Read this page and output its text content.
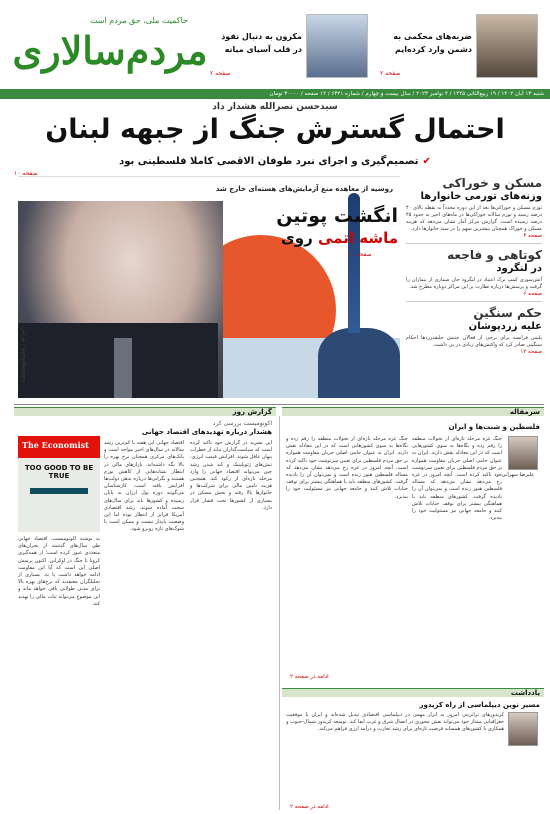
حاکمیت ملی، حق مردم است
مردم‌سالاری مکرون به دنبال نفوذ در قلب آسیای میانه
صفحه ۲
ضربه‌های محکمی به دشمن وارد کرده‌ایم
صفحه ۲
شنبه ۱۳ آبان ۱۴۰۲ / ۱۹ ربیع‌الثانی ۱۴۴۵ / ۴ نوامبر ۲۰۲۳ / سال بیست و چهارم / شماره ۶۳۲۱ / ۱۲ صفحه / ۳۰۰۰۰ تومان
سیدحسن نصرالله هشدار داد
احتمال گسترش جنگ از جبهه لبنان
✔تصمیم‌گیری و اجرای نبرد طوفان الاقصی کاملا فلسطینی بود
صفحه ۱۰
روسیه از معاهده منع آزمایش‌های هسته‌ای خارج شد
انگشت پوتین
ماشه اتمی روی
صفحه ۱۰
Getty/Reuters / طراحی
مسکن و خوراکی
وزنه‌های تورمی خانوارها
تورم مسکن و خوراکی‌ها بعد از این دوره مجدداً به نقطه بالای ۴۰ درصد رسید و تورم سالانه خوراکی‌ها در ماه‌های اخیر به حدود ۴۵ درصد رسیده است. گزارش مرکز آمار نشان می‌دهد که هزینه مسکن و خوراک همچنان بیشترین سهم را در سبد خانوارها دارد.
صفحه ۴
کوتاهی و فاجعه
در لنگرود
آتش‌سوزی کمپ ترک اعتیاد در لنگرود جان شماری از بیماران را گرفت و پرسش‌ها درباره نظارت بر این مراکز دوباره مطرح شد.
صفحه ۶
حکم سنگین
علیه زردپوشان
پلیس فرانسه برای برخی از فعالان جنبش جلیقه‌زردها احکام سنگینی صادر کرد که واکنش‌های زیادی در پی داشت.
صفحه ۱۲
گزارش روز	سرمقاله
اکونومیست بررسی کرد
هشدار درباره تهدیدهای اقتصاد جهانی
The Economist
TOO GOOD TO BE TRUE
اقتصاد جهانی این هفته با کم‌ترین رشد سالانه در سال‌های اخیر مواجه است و بانک‌های مرکزی همچنان نرخ بهره را بالا نگه داشته‌اند. بازارهای مالی در انتظار نشانه‌هایی از کاهش تورم هستند و نگرانی‌ها درباره بدهی دولت‌ها افزایش یافته است. کارشناسان می‌گویند دوره پول ارزان به پایان رسیده و کشورها باید برای سال‌های سخت آماده شوند. رشد اقتصادی آمریکا فراتر از انتظار بوده اما این وضعیت پایدار نیست و ممکن است با شوک‌های تازه روبرو شود.
این نشریه در گزارش خود تاکید کرده است که سیاست‌گذاران نباید از خطرات پنهان غافل شوند. افزایش قیمت انرژی، تنش‌های ژئوپلیتیک و کند شدن رشد چین می‌تواند اقتصاد جهانی را وارد مرحله تازه‌ای از رکود کند. همچنین هزینه تامین مالی برای شرکت‌ها و خانوارها بالا رفته و بخش مسکن در بسیاری از کشورها تحت فشار قرار دارد.
به نوشته اکونومیست، اقتصاد جهانی طی سال‌های گذشته از بحران‌های متعددی عبور کرده است؛ از همه‌گیری کرونا تا جنگ در اوکراین. اکنون پرسش اصلی این است که آیا این مقاومت ادامه خواهد داشت یا نه. بسیاری از تحلیلگران معتقدند که نرخ‌های بهره بالا برای مدتی طولانی باقی خواهد ماند و این موضوع می‌تواند ثبات مالی را تهدید کند.
فلسطین و شنت‌ها و ایران
علیرضا سهرابی
جنگ غزه مرحله تازه‌ای از تحولات منطقه را رقم زده و نگاه‌ها به سوی کشورهایی است که در این معادله نقش دارند. ایران به عنوان حامی اصلی جریان مقاومت همواره بر حق مردم فلسطین برای تعیین سرنوشت خود تاکید کرده است. آنچه امروز در غزه رخ می‌دهد نشان می‌دهد که مساله فلسطین هنوز زنده است و نمی‌توان آن را نادیده گرفت. کشورهای منطقه باید با هماهنگی بیشتر برای توقف جنایات تلاش کنند و جامعه جهانی نیز مسئولیت خود را بپذیرد.
جنگ غزه مرحله تازه‌ای از تحولات منطقه را رقم زده و نگاه‌ها به سوی کشورهایی است که در این معادله نقش دارند. ایران به عنوان حامی اصلی جریان مقاومت همواره بر حق مردم فلسطین برای تعیین سرنوشت خود تاکید کرده است. آنچه امروز در غزه رخ می‌دهد نشان می‌دهد که مساله فلسطین هنوز زنده است و نمی‌توان آن را نادیده گرفت. کشورهای منطقه باید با هماهنگی بیشتر برای توقف جنایات تلاش کنند و جامعه جهانی نیز مسئولیت خود را بپذیرد.
ادامه در صفحه ۲
یادداشت
مسیر نوین دیپلماسی از راه کریدور
کریدورهای ترانزیتی امروز به ابزار مهمی در دیپلماسی اقتصادی تبدیل شده‌اند و ایران با موقعیت جغرافیایی ممتاز خود می‌تواند نقش محوری در اتصال شرق و غرب ایفا کند. توسعه کریدور شمال-جنوب و همکاری با کشورهای همسایه فرصت تازه‌ای برای رشد تجارت و درآمد ارزی فراهم می‌کند.
ادامه در صفحه ۲
